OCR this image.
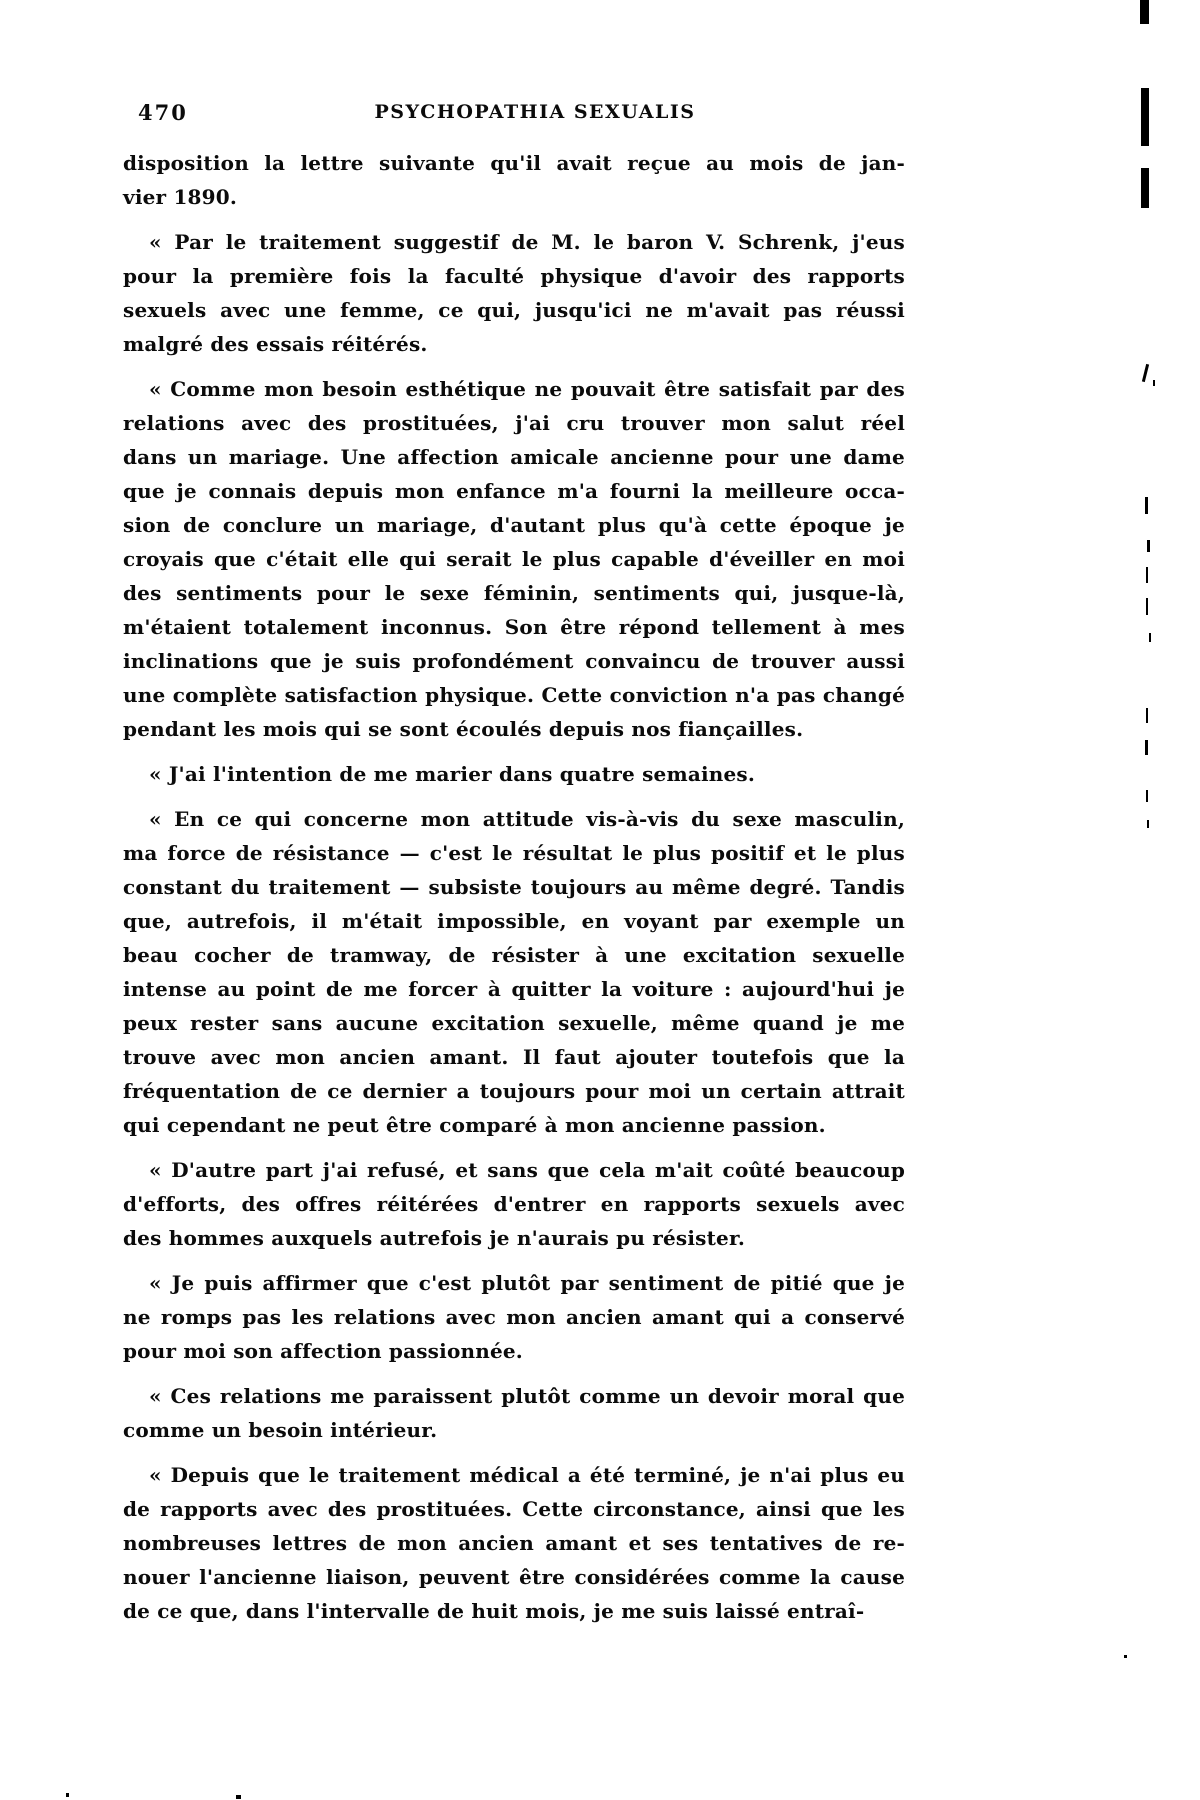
470	PSYCHOPATHIA SEXUALIS
disposition la lettre suivante qu'il avait reçue au mois de jan-
vier 1890.
« Par le traitement suggestif de M. le baron V. Schrenk, j'eus
pour la première fois la faculté physique d'avoir des rapports
sexuels avec une femme, ce qui, jusqu'ici ne m'avait pas réussi
malgré des essais réitérés.
« Comme mon besoin esthétique ne pouvait être satisfait par des
relations avec des prostituées, j'ai cru trouver mon salut réel
dans un mariage. Une affection amicale ancienne pour une dame
que je connais depuis mon enfance m'a fourni la meilleure occa-
sion de conclure un mariage, d'autant plus qu'à cette époque je
croyais que c'était elle qui serait le plus capable d'éveiller en moi
des sentiments pour le sexe féminin, sentiments qui, jusque-là,
m'étaient totalement inconnus. Son être répond tellement à mes
inclinations que je suis profondément convaincu de trouver aussi
une complète satisfaction physique. Cette conviction n'a pas changé
pendant les mois qui se sont écoulés depuis nos fiançailles.
« J'ai l'intention de me marier dans quatre semaines.
« En ce qui concerne mon attitude vis-à-vis du sexe masculin,
ma force de résistance — c'est le résultat le plus positif et le plus
constant du traitement — subsiste toujours au même degré. Tandis
que, autrefois, il m'était impossible, en voyant par exemple un
beau cocher de tramway, de résister à une excitation sexuelle
intense au point de me forcer à quitter la voiture : aujourd'hui je
peux rester sans aucune excitation sexuelle, même quand je me
trouve avec mon ancien amant. Il faut ajouter toutefois que la
fréquentation de ce dernier a toujours pour moi un certain attrait
qui cependant ne peut être comparé à mon ancienne passion.
« D'autre part j'ai refusé, et sans que cela m'ait coûté beaucoup
d'efforts, des offres réitérées d'entrer en rapports sexuels avec
des hommes auxquels autrefois je n'aurais pu résister.
« Je puis affirmer que c'est plutôt par sentiment de pitié que je
ne romps pas les relations avec mon ancien amant qui a conservé
pour moi son affection passionnée.
« Ces relations me paraissent plutôt comme un devoir moral que
comme un besoin intérieur.
« Depuis que le traitement médical a été terminé, je n'ai plus eu
de rapports avec des prostituées. Cette circonstance, ainsi que les
nombreuses lettres de mon ancien amant et ses tentatives de re-
nouer l'ancienne liaison, peuvent être considérées comme la cause
de ce que, dans l'intervalle de huit mois, je me suis laissé entraî-
